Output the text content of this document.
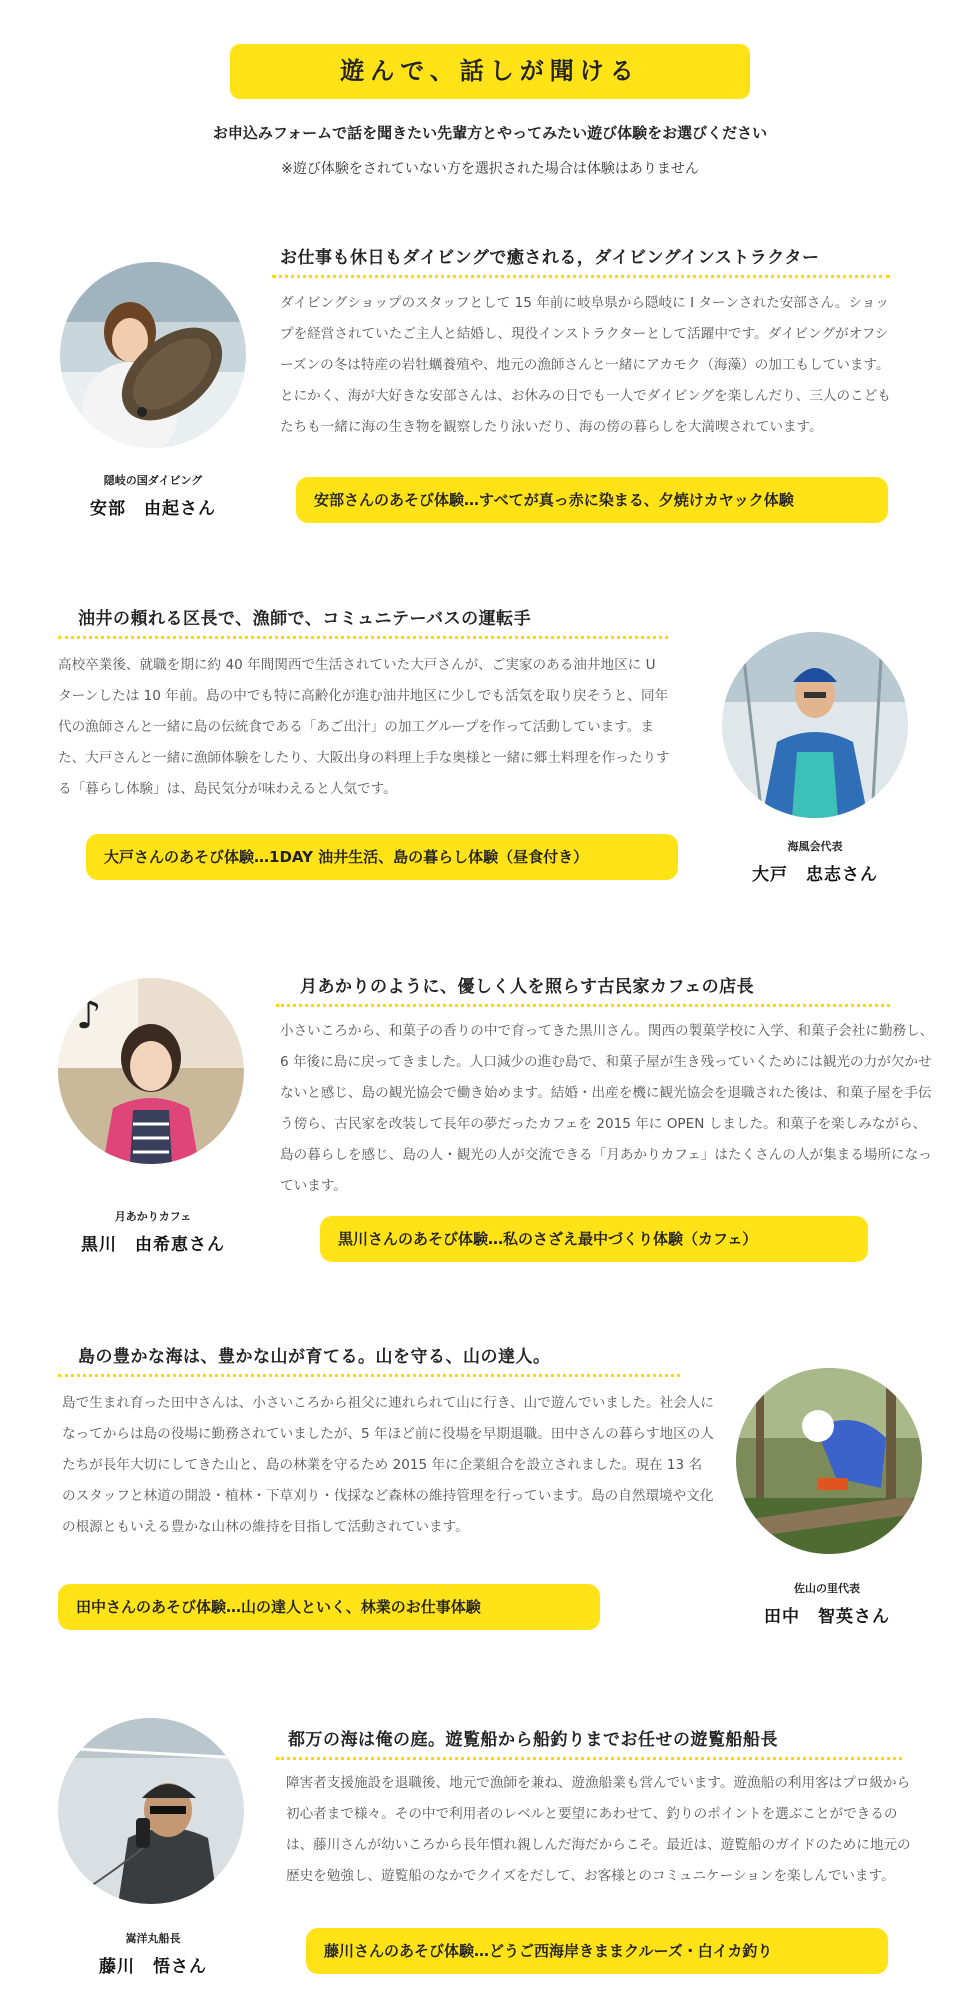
遊んで、話しが聞ける
お申込みフォームで話を聞きたい先輩方とやってみたい遊び体験をお選びください
※遊び体験をされていない方を選択された場合は体験はありません
隠岐の国ダイビング
安部　由起さん
お仕事も休日もダイビングで癒される，ダイビングインストラクター
ダイビングショップのスタッフとして 15 年前に岐阜県から隠岐に I ターンされた安部さん。ショップを経営されていたご主人と結婚し、現役インストラクターとして活躍中です。ダイビングがオフシーズンの冬は特産の岩牡蠣養殖や、地元の漁師さんと一緒にアカモク（海藻）の加工もしています。とにかく、海が大好きな安部さんは、お休みの日でも一人でダイビングを楽しんだり、三人のこどもたちも一緒に海の生き物を観察したり泳いだり、海の傍の暮らしを大満喫されています。
安部さんのあそび体験…すべてが真っ赤に染まる、夕焼けカヤック体験
油井の頼れる区長で、漁師で、コミュニテーバスの運転手
高校卒業後、就職を期に約 40 年間関西で生活されていた大戸さんが、ご実家のある油井地区に U ターンしたは 10 年前。島の中でも特に高齢化が進む油井地区に少しでも活気を取り戻そうと、同年代の漁師さんと一緒に島の伝統食である「あご出汁」の加工グループを作って活動しています。また、大戸さんと一緒に漁師体験をしたり、大阪出身の料理上手な奥様と一緒に郷土料理を作ったりする「暮らし体験」は、島民気分が味わえると人気です。
大戸さんのあそび体験…1DAY 油井生活、島の暮らし体験（昼食付き）
海風会代表
大戸　忠志さん
♪
月あかりカフェ
黒川　由希恵さん
月あかりのように、優しく人を照らす古民家カフェの店長
小さいころから、和菓子の香りの中で育ってきた黒川さん。関西の製菓学校に入学、和菓子会社に勤務し、6 年後に島に戻ってきました。人口減少の進む島で、和菓子屋が生き残っていくためには観光の力が欠かせないと感じ、島の観光協会で働き始めます。結婚・出産を機に観光協会を退職された後は、和菓子屋を手伝う傍ら、古民家を改装して長年の夢だったカフェを 2015 年に OPEN しました。和菓子を楽しみながら、島の暮らしを感じ、島の人・観光の人が交流できる「月あかりカフェ」はたくさんの人が集まる場所になっています。
黒川さんのあそび体験…私のさざえ最中づくり体験（カフェ）
島の豊かな海は、豊かな山が育てる。山を守る、山の達人。
島で生まれ育った田中さんは、小さいころから祖父に連れられて山に行き、山で遊んでいました。社会人になってからは島の役場に勤務されていましたが、5 年ほど前に役場を早期退職。田中さんの暮らす地区の人たちが長年大切にしてきた山と、島の林業を守るため 2015 年に企業組合を設立されました。現在 13 名のスタッフと林道の開設・植林・下草刈り・伐採など森林の維持管理を行っています。島の自然環境や文化の根源ともいえる豊かな山林の維持を目指して活動されています。
田中さんのあそび体験…山の達人といく、林業のお仕事体験
佐山の里代表
田中　智英さん
嵩洋丸船長
藤川　悟さん
都万の海は俺の庭。遊覧船から船釣りまでお任せの遊覧船船長
障害者支援施設を退職後、地元で漁師を兼ね、遊漁船業も営んでいます。遊漁船の利用客はプロ級から初心者まで様々。その中で利用者のレベルと要望にあわせて、釣りのポイントを選ぶことができるのは、藤川さんが幼いころから長年慣れ親しんだ海だからこそ。最近は、遊覧船のガイドのために地元の歴史を勉強し、遊覧船のなかでクイズをだして、お客様とのコミュニケーションを楽しんでいます。
藤川さんのあそび体験…どうご西海岸きままクルーズ・白イカ釣り
